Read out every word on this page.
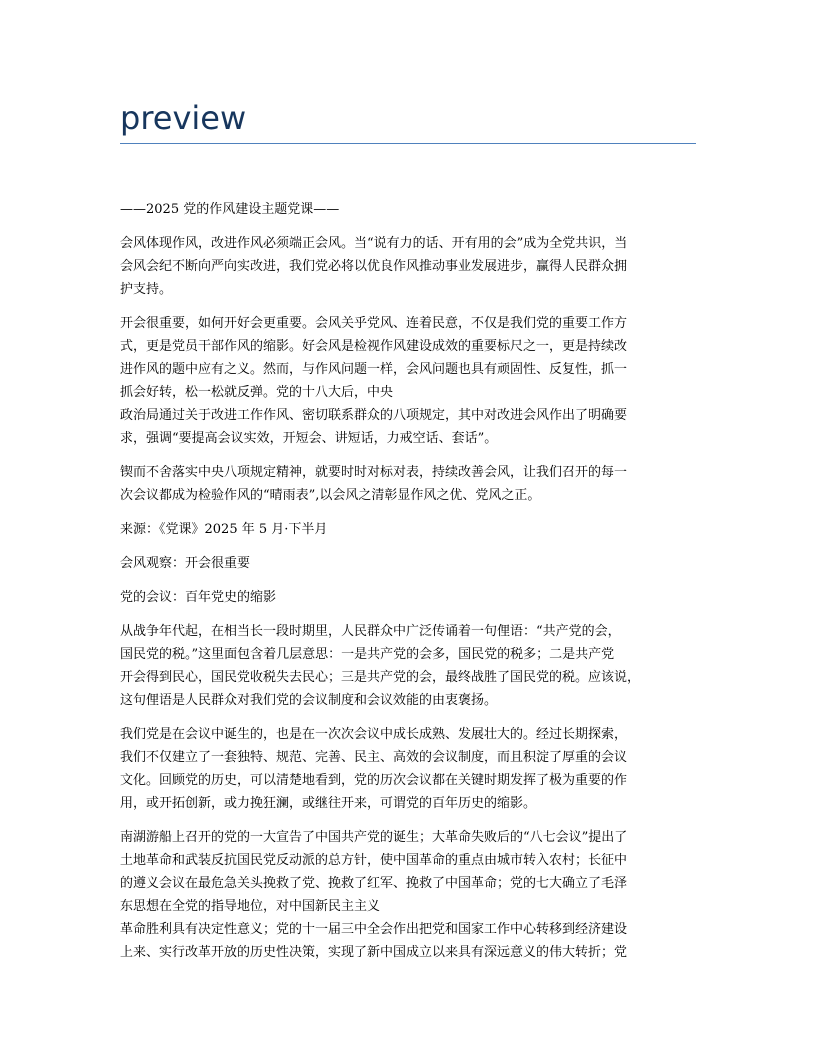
preview

——2025 党的作风建设主题党课——

会风体现作风，改进作风必须端正会风。当“说有力的话、开有用的会”成为全党共识，当
会风会纪不断向严向实改进，我们党必将以优良作风推动事业发展进步，赢得人民群众拥
护支持。

开会很重要，如何开好会更重要。会风关乎党风、连着民意，不仅是我们党的重要工作方
式，更是党员干部作风的缩影。好会风是检视作风建设成效的重要标尺之一，更是持续改
进作风的题中应有之义。然而，与作风问题一样，会风问题也具有顽固性、反复性，抓一
抓会好转，松一松就反弹。党的十八大后，中央
政治局通过关于改进工作作风、密切联系群众的八项规定，其中对改进会风作出了明确要
求，强调“要提高会议实效，开短会、讲短话，力戒空话、套话”。

锲而不舍落实中央八项规定精神，就要时时对标对表，持续改善会风，让我们召开的每一
次会议都成为检验作风的“晴雨表”,以会风之清彰显作风之优、党风之正。

来源：《党课》2025 年 5 月·下半月

会风观察：开会很重要

党的会议：百年党史的缩影

从战争年代起，在相当长一段时期里，人民群众中广泛传诵着一句俚语：“共产党的会，
国民党的税。”这里面包含着几层意思：一是共产党的会多，国民党的税多；二是共产党
开会得到民心，国民党收税失去民心；三是共产党的会，最终战胜了国民党的税。应该说，
这句俚语是人民群众对我们党的会议制度和会议效能的由衷褒扬。

我们党是在会议中诞生的，也是在一次次会议中成长成熟、发展壮大的。经过长期探索，
我们不仅建立了一套独特、规范、完善、民主、高效的会议制度，而且积淀了厚重的会议
文化。回顾党的历史，可以清楚地看到，党的历次会议都在关键时期发挥了极为重要的作
用，或开拓创新，或力挽狂澜，或继往开来，可谓党的百年历史的缩影。

南湖游船上召开的党的一大宣告了中国共产党的诞生；大革命失败后的“八七会议”提出了
土地革命和武装反抗国民党反动派的总方针，使中国革命的重点由城市转入农村；长征中
的遵义会议在最危急关头挽救了党、挽救了红军、挽救了中国革命；党的七大确立了毛泽
东思想在全党的指导地位，对中国新民主主义
革命胜利具有决定性意义；党的十一届三中全会作出把党和国家工作中心转移到经济建设
上来、实行改革开放的历史性决策，实现了新中国成立以来具有深远意义的伟大转折；党
